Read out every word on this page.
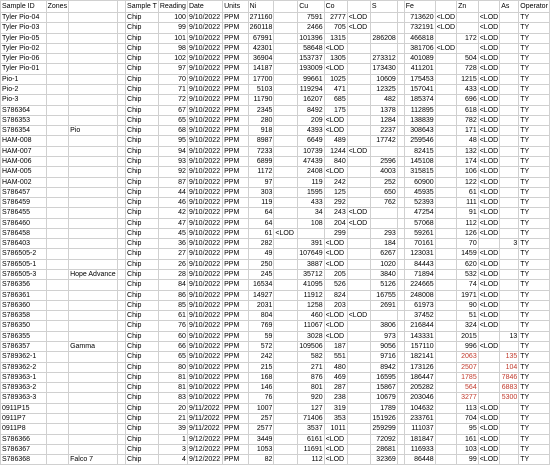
Sample ID	Zones			Sample T	Reading	Date	Units	Ni		Cu	Co		S		Fe		Zn		As	Operator
Tyler Pio-04				Chip	100	9/10/2022	PPM	271160		7591	2777	<LOD			713620	<LOD		<LOD		TY
Tyler Pio-03				Chip	99	9/10/2022	PPM	260118		2466	705	<LOD			732191	<LOD		<LOD		TY
Tyler Pio-05				Chip	101	9/10/2022	PPM	67991		101396	1315		286208		466818		172	<LOD		TY
Tyler Pio-02				Chip	98	9/10/2022	PPM	42301		58648	<LOD				381706	<LOD		<LOD		TY
Tyler Pio-06				Chip	102	9/10/2022	PPM	36904		153737	1305		273312		401089		504	<LOD		TY
Tyler Pio-01				Chip	97	9/10/2022	PPM	14187		193009	<LOD		173430		411201		728	<LOD		TY
Pio-1				Chip	70	9/10/2022	PPM	17700		99661	1025		10609		175453		1215	<LOD		TY
Pio-2				Chip	71	9/10/2022	PPM	5103		119294	471		12325		157041		433	<LOD		TY
Pio-3				Chip	72	9/10/2022	PPM	11790		16207	685		482		185374		696	<LOD		TY
S786364				Chip	67	9/10/2022	PPM	2345		8492	175		1378		112895		618	<LOD		TY
S786353				Chip	65	9/10/2022	PPM	280		209	<LOD		1284		138839		782	<LOD		TY
S786354		Pio		Chip	68	9/10/2022	PPM	918		4393	<LOD		2237		308643		171	<LOD		TY
HAM-008				Chip	95	9/10/2022	PPM	8987		6649	489		17742		259546		48	<LOD		TY
HAM-007				Chip	94	9/10/2022	PPM	7233		10739	1244	<LOD			82415		132	<LOD		TY
HAM-006				Chip	93	9/10/2022	PPM	6899		47439	840		2596		145108		174	<LOD		TY
HAM-005				Chip	92	9/10/2022	PPM	1172		2408	<LOD		4003		315815		106	<LOD		TY
HAM-002				Chip	87	9/10/2022	PPM	97		119	242		252		60900		122	<LOD		TY
S786457				Chip	44	9/10/2022	PPM	303		1595	125		650		45935		61	<LOD		TY
S786459				Chip	46	9/10/2022	PPM	119		433	292		762		52393		111	<LOD		TY
S786455				Chip	42	9/10/2022	PPM	64		34	243	<LOD			47254		91	<LOD		TY
S786460				Chip	47	9/10/2022	PPM	64		108	204	<LOD			57068		112	<LOD		TY
S786458				Chip	45	9/10/2022	PPM	61	<LOD		299		293		59261		126	<LOD		TY
S786403				Chip	36	9/10/2022	PPM	282		391	<LOD		184		70161		70		3	TY
S786505-2				Chip	27	9/10/2022	PPM	49		107649	<LOD		6267		123031		1459	<LOD		TY
S786505-1				Chip	26	9/10/2022	PPM	250		3887	<LOD		1020		84443		620	<LOD		TY
S786505-3		Hope Advance		Chip	28	9/10/2022	PPM	245		35712	205		3840		71894		532	<LOD		TY
S786356				Chip	84	9/10/2022	PPM	16534		41095	526		5126		224665		74	<LOD		TY
S786361				Chip	86	9/10/2022	PPM	14927		11912	824		16755		248008		1971	<LOD		TY
S786360				Chip	85	9/10/2022	PPM	2031		1258	203		2691		61973		90	<LOD		TY
S786358				Chip	61	9/10/2022	PPM	804		460	<LOD	<LOD			37452		51	<LOD		TY
S786350				Chip	76	9/10/2022	PPM	769		11067	<LOD		3806		216844		324	<LOD		TY
S786355				Chip	60	9/10/2022	PPM	59		3028	<LOD		973		143331		2015		13	TY
S786357		Gamma		Chip	66	9/10/2022	PPM	572		109506	187		9056		157110		996	<LOD		TY
S789362-1				Chip	65	9/10/2022	PPM	242		582	551		9716		182141		2063		135	TY
S789362-2				Chip	80	9/10/2022	PPM	215		271	480		8942		173126		2507		104	TY
S789363-1				Chip	81	9/10/2022	PPM	168		876	469		16595		186447		1785		7846	TY
S789363-2				Chip	81	9/10/2022	PPM	146		801	287		15867		205282		564		6883	TY
S789363-3				Chip	83	9/10/2022	PPM	76		920	238		10679		203046		3277		5300	TY
0911P15				Chip	20	9/11/2022	PPM	1007		127	319		1789		104632		113	<LOD		TY
0911P7				Chip	21	9/11/2022	PPM	257		71406	353		151926		233761		704	<LOD		TY
0911P8				Chip	39	9/11/2022	PPM	2577		3537	1011		259299		111037		95	<LOD		TY
S786366				Chip	1	9/12/2022	PPM	3449		6161	<LOD		72092		181847		161	<LOD		TY
S786367				Chip	3	9/12/2022	PPM	1053		11691	<LOD		28681		116933		103	<LOD		TY
S786368		Falco 7		Chip	4	9/12/2022	PPM	82		112	<LOD		32369		86448		99	<LOD		TY
